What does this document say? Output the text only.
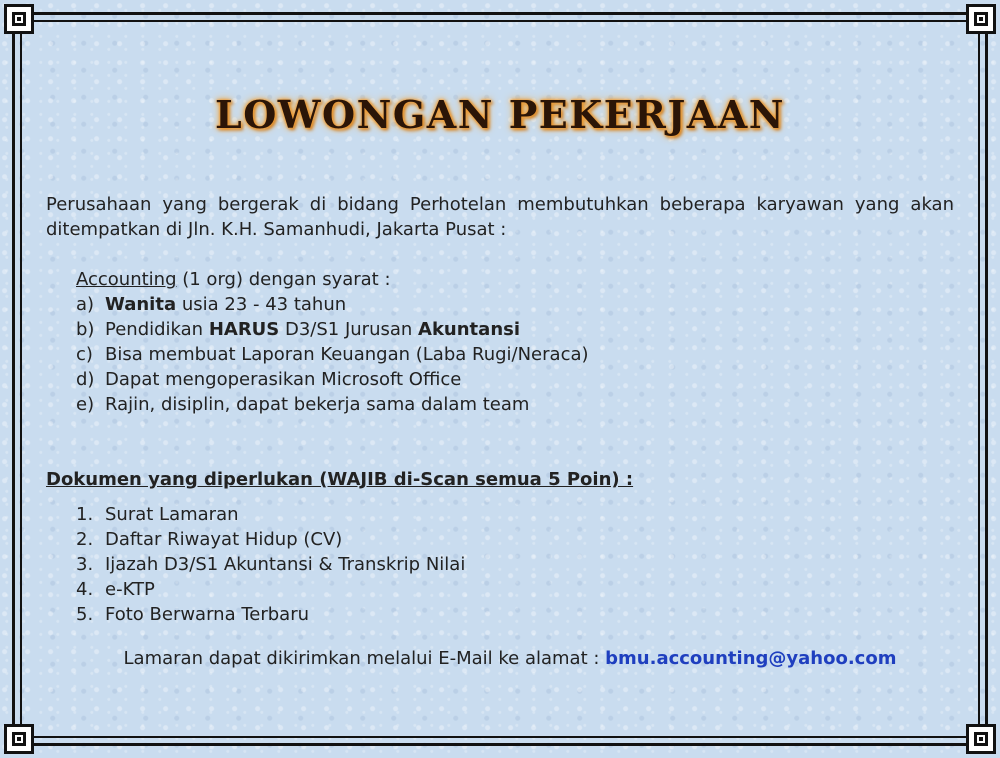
LOWONGAN PEKERJAAN

Perusahaan yang bergerak di bidang Perhotelan membutuhkan beberapa karyawan yang akan ditempatkan di Jln. K.H. Samanhudi, Jakarta Pusat :

Accounting (1 org) dengan syarat :
a) Wanita usia 23 - 43 tahun
b) Pendidikan HARUS D3/S1 Jurusan Akuntansi
c) Bisa membuat Laporan Keuangan (Laba Rugi/Neraca)
d) Dapat mengoperasikan Microsoft Office
e) Rajin, disiplin, dapat bekerja sama dalam team
Dokumen yang diperlukan (WAJIB di-Scan semua 5 Poin) :
1. Surat Lamaran
2. Daftar Riwayat Hidup (CV)
3. Ijazah D3/S1 Akuntansi & Transkrip Nilai
4. e-KTP
5. Foto Berwarna Terbaru
Lamaran dapat dikirimkan melalui E-Mail ke alamat : bmu.accounting@yahoo.com
